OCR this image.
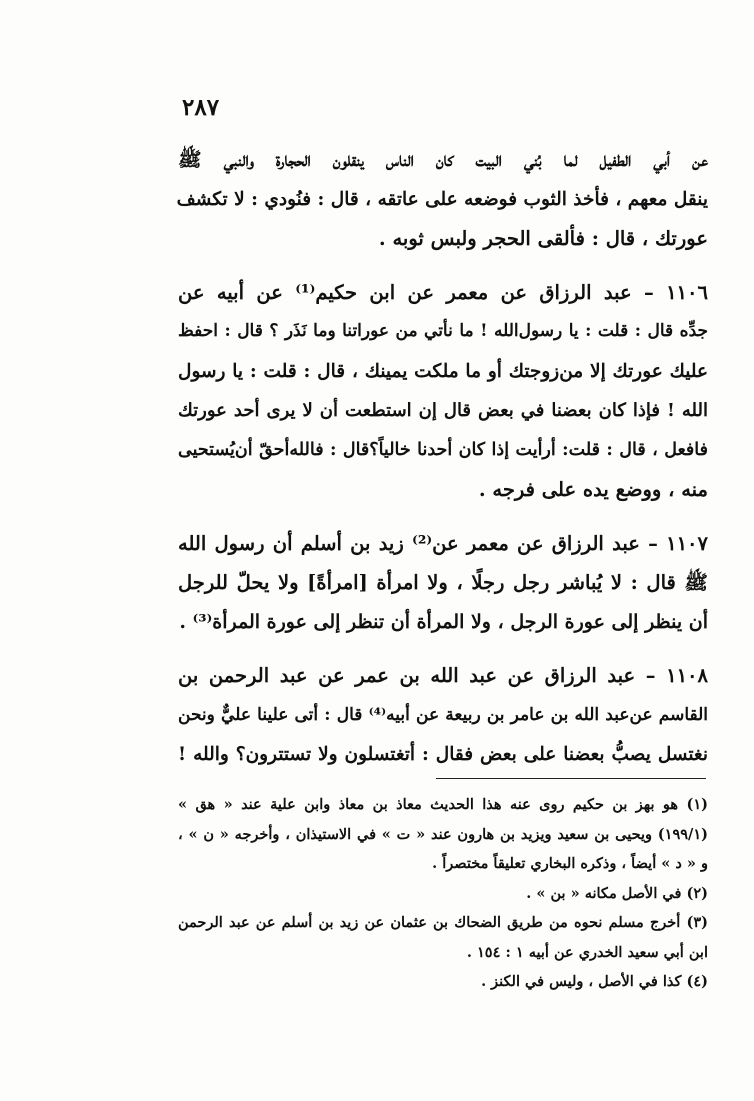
٢٨٧
عن أبي الطفيل لما بُني البيت كان الناس ينقلون الحجارة والنبي ﷺ
ينقل معهم ، فأخذ الثوب فوضعه على عاتقه ، قال : فنُودي : لا تكشف
عورتك ، قال : فألقى الحجر ولبس ثوبه .
١١٠٦ – عبد الرزاق عن معمر عن ابن حكيم⁽¹⁾ عن أبيه عن
جدِّه قال : قلت : يا رسول‌الله ! ما نأتي من عوراتنا وما نَذَر ؟ قال : احفظ
عليك عورتك إلا من‌زوجتك أو ما ملكت يمينك ، قال : قلت : يا رسول
الله ! فإذا كان بعضنا في بعض قال إن استطعت أن لا يرى أحد عورتك
فافعل ، قال : قلت: أرأيت إذا كان أحدنا خالياً؟قال : فالله‌أحقّ أن‌يُستحيى
منه ، ووضع يده على فرجه .
١١٠٧ – عبد الرزاق عن معمر عن⁽²⁾ زيد بن أسلم أن رسول الله
ﷺ قال : لا يُباشر رجل رجلًا ، ولا امرأة [امرأةً] ولا يحلّ للرجل
أن ينظر إلى عورة الرجل ، ولا المرأة أن تنظر إلى عورة المرأة⁽³⁾ .
١١٠٨ – عبد الرزاق عن عبد الله بن عمر عن عبد الرحمن بن
القاسم عن‌عبد الله بن عامر بن ربيعة عن أبيه⁽⁴⁾ قال : أتى علينا عليٌّ ونحن
نغتسل يصبُّ بعضنا على بعض فقال : أتغتسلون ولا تستترون؟ والله !
(١) هو بهز بن حكيم روى عنه هذا الحديث معاذ بن معاذ وابن علية عند « هق »
(١٩٩/١) ويحيى بن سعيد ويزيد بن هارون عند « ت » في الاستيذان ، وأخرجه « ن » ،
و « د » أيضاً ، وذكره البخاري تعليقاً مختصراً .
(٢) في الأصل مكانه « بن » .
(٣) أخرج مسلم نحوه من طريق الضحاك بن عثمان عن زيد بن أسلم عن عبد الرحمن
ابن أبي سعيد الخدري عن أبيه ١ : ١٥٤ .
(٤) كذا في الأصل ، وليس في الكنز .
